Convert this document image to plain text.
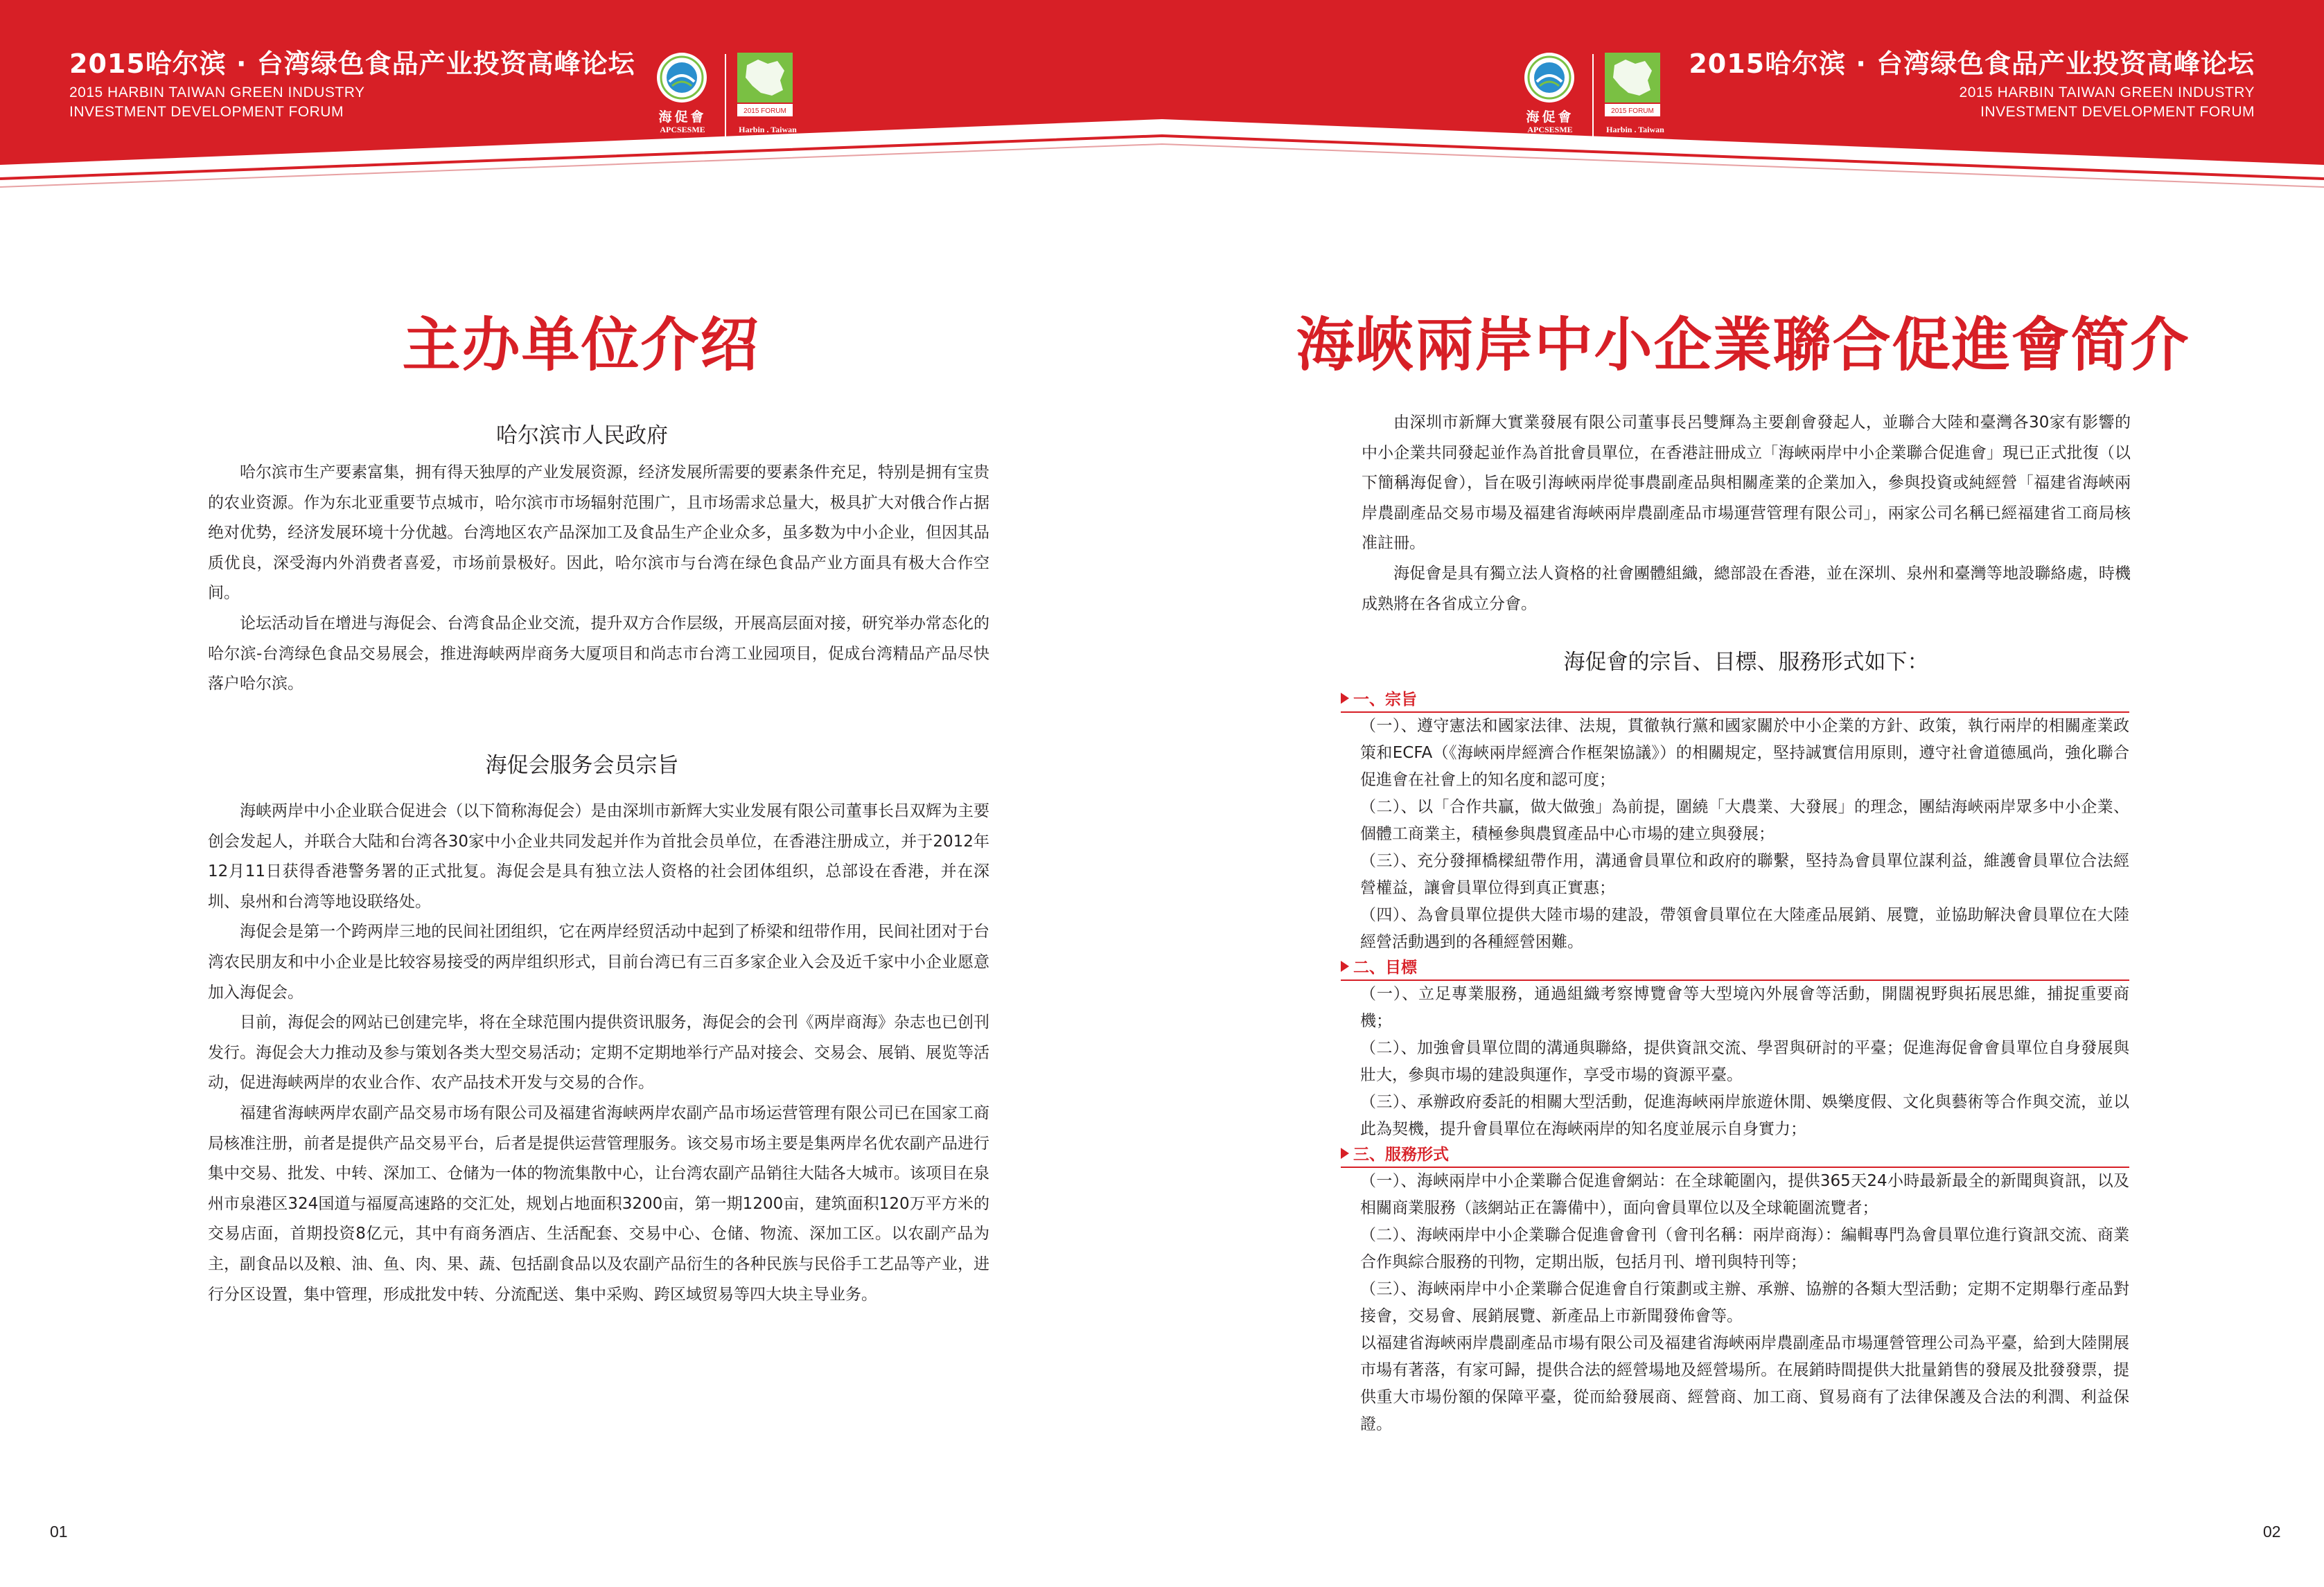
2015哈尔滨 · 台湾绿色食品产业投资高峰论坛
2015 HARBIN TAIWAN GREEN INDUSTRY
INVESTMENT DEVELOPMENT FORUM	海促會
APCSESME
2015 FORUM
Harbin . Taiwan
海促會
APCSESME
2015 FORUM
Harbin . Taiwan
2015哈尔滨 · 台湾绿色食品产业投资高峰论坛
2015 HARBIN TAIWAN GREEN INDUSTRY
INVESTMENT DEVELOPMENT FORUM
主办单位介绍
哈尔滨市人民政府

哈尔滨市生产要素富集，拥有得天独厚的产业发展资源，经济发展所需要的要素条件充足，特别是拥有宝贵的农业资源。作为东北亚重要节点城市，哈尔滨市市场辐射范围广，且市场需求总量大，极具扩大对俄合作占据绝对优势，经济发展环境十分优越。台湾地区农产品深加工及食品生产企业众多，虽多数为中小企业，但因其品质优良，深受海内外消费者喜爱，市场前景极好。因此，哈尔滨市与台湾在绿色食品产业方面具有极大合作空间。

论坛活动旨在增进与海促会、台湾食品企业交流，提升双方合作层级，开展高层面对接，研究举办常态化的哈尔滨-台湾绿色食品交易展会，推进海峡两岸商务大厦项目和尚志市台湾工业园项目，促成台湾精品产品尽快落户哈尔滨。

海促会服务会员宗旨

海峡两岸中小企业联合促进会（以下简称海促会）是由深圳市新辉大实业发展有限公司董事长吕双辉为主要创会发起人，并联合大陆和台湾各30家中小企业共同发起并作为首批会员单位，在香港注册成立，并于2012年12月11日获得香港警务署的正式批复。海促会是具有独立法人资格的社会团体组织，总部设在香港，并在深圳、泉州和台湾等地设联络处。

海促会是第一个跨两岸三地的民间社团组织，它在两岸经贸活动中起到了桥梁和纽带作用，民间社团对于台湾农民朋友和中小企业是比较容易接受的两岸组织形式，目前台湾已有三百多家企业入会及近千家中小企业愿意加入海促会。

目前，海促会的网站已创建完毕，将在全球范围内提供资讯服务，海促会的会刊《两岸商海》杂志也已创刊发行。海促会大力推动及参与策划各类大型交易活动；定期不定期地举行产品对接会、交易会、展销、展览等活动，促进海峡两岸的农业合作、农产品技术开发与交易的合作。

福建省海峡两岸农副产品交易市场有限公司及福建省海峡两岸农副产品市场运营管理有限公司已在国家工商局核准注册，前者是提供产品交易平台，后者是提供运营管理服务。该交易市场主要是集两岸名优农副产品进行集中交易、批发、中转、深加工、仓储为一体的物流集散中心，让台湾农副产品销往大陆各大城市。该项目在泉州市泉港区324国道与福厦高速路的交汇处，规划占地面积3200亩，第一期1200亩，建筑面积120万平方米的交易店面，首期投资8亿元，其中有商务酒店、生活配套、交易中心、仓储、物流、深加工区。以农副产品为主，副食品以及粮、油、鱼、肉、果、蔬、包括副食品以及农副产品衍生的各种民族与民俗手工艺品等产业，进行分区设置，集中管理，形成批发中转、分流配送、集中采购、跨区域贸易等四大块主导业务。

01
海峽兩岸中小企業聯合促進會简介

由深圳市新輝大實業發展有限公司董事長呂雙輝為主要創會發起人，並聯合大陸和臺灣各30家有影響的中小企業共同發起並作為首批會員單位，在香港註冊成立「海峽兩岸中小企業聯合促進會」現已正式批復（以下簡稱海促會），旨在吸引海峽兩岸從事農副產品與相關產業的企業加入，參與投資或純經營「福建省海峽兩岸農副產品交易市場及福建省海峽兩岸農副產品市場運营管理有限公司」，兩家公司名稱已經福建省工商局核准註冊。

海促會是具有獨立法人資格的社會團體組織，總部設在香港，並在深圳、泉州和臺灣等地設聯絡處，時機成熟將在各省成立分會。

海促會的宗旨、目標、服務形式如下：
一、宗旨

（一）、遵守憲法和國家法律、法規，貫徹執行黨和國家關於中小企業的方針、政策，執行兩岸的相關產業政策和ECFA（《海峽兩岸經濟合作框架協議》）的相關規定，堅持誠實信用原則，遵守社會道德風尚，強化聯合促進會在社會上的知名度和認可度；

（二）、以「合作共贏，做大做強」為前提，圍繞「大農業、大發展」的理念，團結海峽兩岸眾多中小企業、個體工商業主，積極參與農貿產品中心市場的建立與發展；

（三）、充分發揮橋樑紐帶作用，溝通會員單位和政府的聯繫，堅持為會員單位謀利益，維護會員單位合法經營權益，讓會員單位得到真正實惠；

（四）、為會員單位提供大陸市場的建設，帶領會員單位在大陸產品展銷、展覽，並協助解決會員單位在大陸經營活動遇到的各種經營困難。

二、目標

（一）、立足專業服務，通過組織考察博覽會等大型境內外展會等活動，開闊視野與拓展思維，捕捉重要商機；

（二）、加強會員單位間的溝通與聯絡，提供資訊交流、學習與研討的平臺；促進海促會會員單位自身發展與壯大，參與市場的建設與運作，享受市場的資源平臺。

（三）、承辦政府委託的相關大型活動，促進海峽兩岸旅遊休閒、娛樂度假、文化與藝術等合作與交流，並以此為契機，提升會員單位在海峽兩岸的知名度並展示自身實力；

三、服務形式

（一）、海峽兩岸中小企業聯合促進會網站：在全球範圍內，提供365天24小時最新最全的新聞與資訊，以及相關商業服務（該網站正在籌備中），面向會員單位以及全球範圍流覽者；

（二）、海峽兩岸中小企業聯合促進會會刊（會刊名稱：兩岸商海）：編輯專門為會員單位進行資訊交流、商業合作與綜合服務的刊物，定期出版，包括月刊、增刊與特刊等；

（三）、海峽兩岸中小企業聯合促進會自行策劃或主辦、承辦、協辦的各類大型活動；定期不定期舉行產品對接會，交易會、展銷展覽、新產品上市新聞發佈會等。

以福建省海峽兩岸農副產品市場有限公司及福建省海峽兩岸農副產品市場運營管理公司為平臺，給到大陸開展市場有著落，有家可歸，提供合法的經營場地及經營場所。在展銷時間提供大批量銷售的發展及批發發票，提供重大市場份額的保障平臺，從而給發展商、經營商、加工商、貿易商有了法律保護及合法的利潤、利益保證。

02
